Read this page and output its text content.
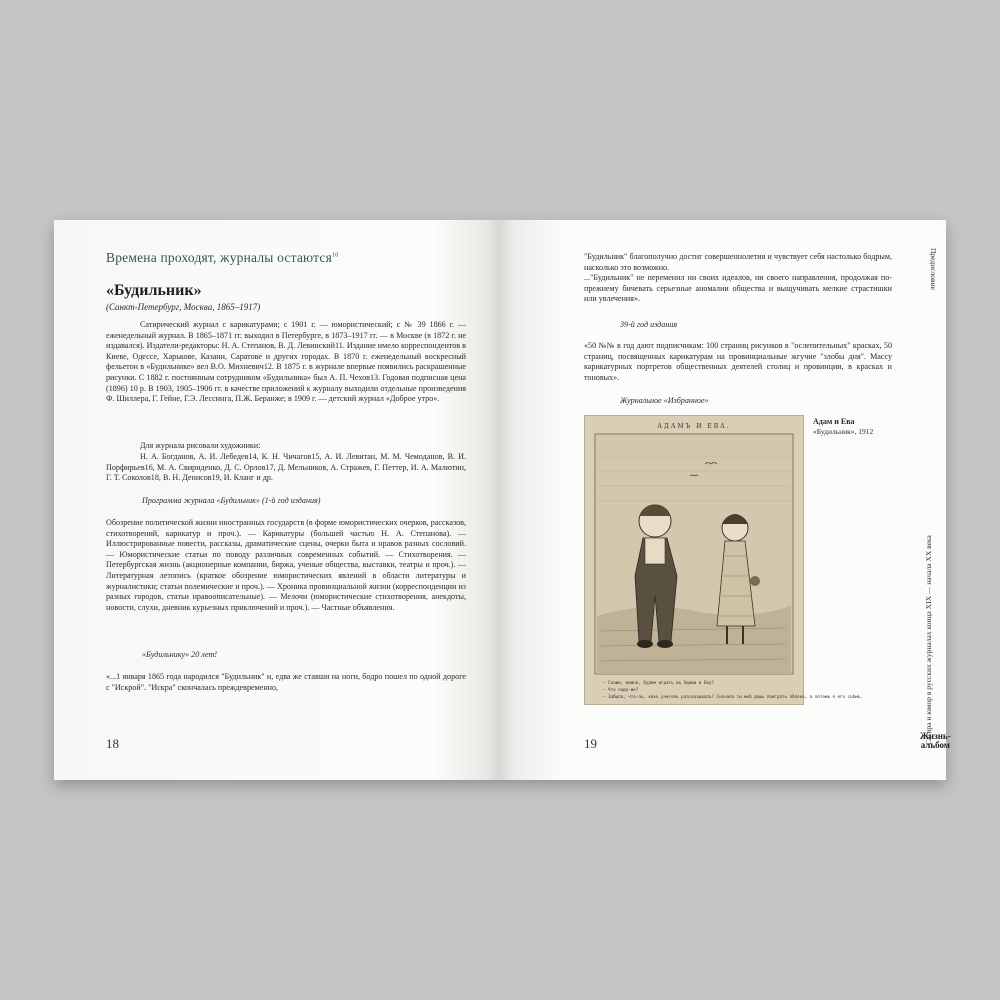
Времена проходят, журналы остаются$^{10}$
«Будильник»
(Санкт-Петербург, Москва, 1865–1917)
Сатирический журнал с карикатурами; с 1901 г. — юмористический; с № 39 1866 г. — еженедельный журнал. В 1865–1871 гг. выходил в Петербурге, в 1873–1917 гг. — в Москве (в 1872 г. не издавался). Издатели-редакторы: Н. А. Степанов, В. Д. Левинский11. Издание имело корреспондентов в Киеве, Одессе, Харькове, Казани, Саратове и других городах. В 1870 г. еженедельный воскресный фельетон в «Будильнике» вел В.О. Михневич12. В 1875 г. в журнале впервые появились раскрашенные рисунки. С 1882 г. постоянным сотрудником «Будильника» был А. П. Чехов13. Годовая подписная цена (1896) 10 р. В 1903, 1905–1906 гг. в качестве приложений к журналу выходили отдельные произведения Ф. Шиллера, Г. Гейне, Г.Э. Лессинга, П.Ж. Беранже; в 1909 г. — детский журнал «Доброе утро».
Для журнала рисовали художники:
Н. А. Богданов, А. И. Лебедев14, К. Н. Чичагов15, А. И. Левитан, М. М. Чемоданов, В. И. Порфирьев16, М. А. Свириденко, Д. С. Орлов17, Д. Мельников, А. Стражев, Г. Петтер, И. А. Малютин, Г. Т. Соколов18, В. Н. Денисов19, И. Кланг и др.
Программа журнала «Будильник» (1-й год издания)
Обозрение политической жизни иностранных государств (в форме юмористических очерков, рассказов, стихотворений, карикатур и проч.). — Карикатуры (большей частью Н. А. Степанова). — Иллюстрированные повести, рассказы, драматические сцены, очерки быта и нравов разных сословий. — Юмористические статьи по поводу различных современных событий. — Стихотворения. — Петербургская жизнь (акционерные компании, биржа, ученые общества, выставки, театры и проч.). — Литературная летопись (краткое обозрение юмористических явлений в области литературы и журналистики; статьи полемические и проч.). — Хроника провинциальной жизни (корреспонденции из разных городов, статьи нравоописательные). — Мелочи (юмористические стихотворения, анекдоты, новости, слухи, дневник курьезных приключений и проч.). — Частные объявления.
«Будильнику» 20 лет!
«...1 января 1865 года народился "Будильник" и, едва же ставши на ноги, бодро пошел по одной дороге с "Искрой". "Искра" скончалась преждевременно,
18
"Будильник" благополучно достиг совершеннолетия и чувствует себя настолько бодрым, насколько это возможно.
..."Будильник" не переменил ни своих идеалов, ни своего направления, продолжая по-прежнему бичевать серьезные аномалии общества и выщучивать мелкие страстишки или увлечения».
39-й год издания
«50 №№ в год дают подписчикам: 100 страниц рисунков в "ослепительных" красках, 50 страниц, посвященных карикатурам на провинциальные жгучие "злобы дня". Массу карикатурных портретов общественных деятелей столиц и провинции, в красках и тоновых».
Журнальное «Избранное»
— Скажи, можно, будем играть въ Адама и Еву?
— Что надо-же?
— Забыла, что-ль, какъ учитель разсказывалъ? Сначала ты мнѣ дашь поиграть яблоко, а потомъ я его съѣмъ.
АДАМЪ И ЕВА.
Адам и Ева
«Будильник», 1912
19
Предисловие
Сатира и юмор в русских журналах конца XIX — начала XX века
Жизнь-
альбом
